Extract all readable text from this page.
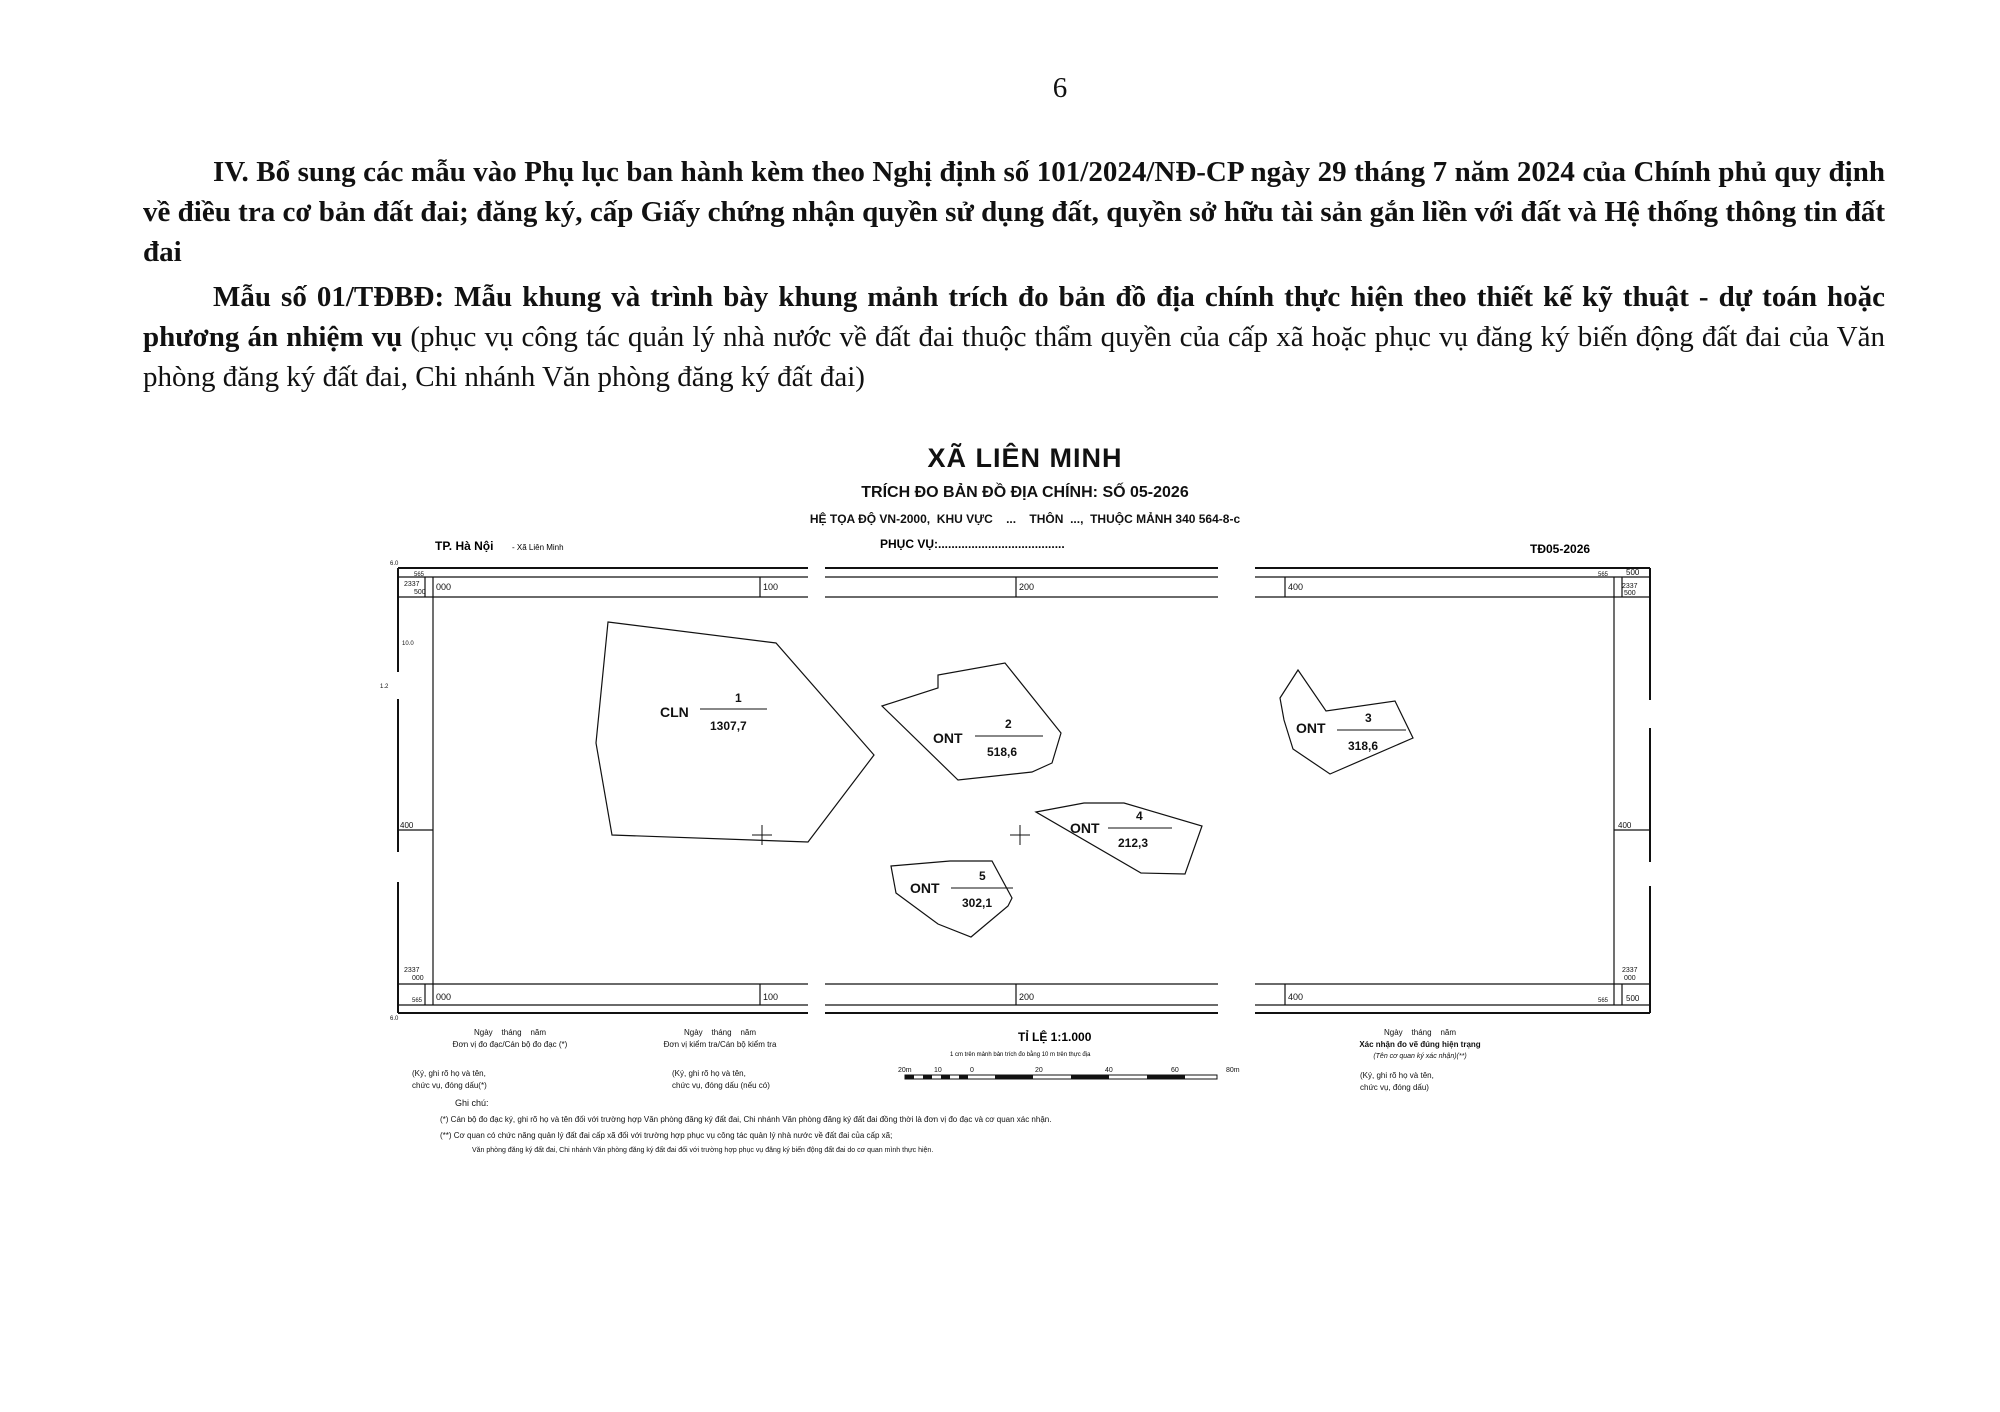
6
IV. Bổ sung các mẫu vào Phụ lục ban hành kèm theo Nghị định số 101/2024/NĐ-CP ngày 29 tháng 7 năm 2024 của Chính phủ quy định về điều tra cơ bản đất đai; đăng ký, cấp Giấy chứng nhận quyền sử dụng đất, quyền sở hữu tài sản gắn liền với đất và Hệ thống thông tin đất đai
Mẫu số 01/TĐBĐ: Mẫu khung và trình bày khung mảnh trích đo bản đồ địa chính thực hiện theo thiết kế kỹ thuật - dự toán hoặc phương án nhiệm vụ (phục vụ công tác quản lý nhà nước về đất đai thuộc thẩm quyền của cấp xã hoặc phục vụ đăng ký biến động đất đai của Văn phòng đăng ký đất đai, Chi nhánh Văn phòng đăng ký đất đai)
XÃ LIÊN MINH
TRÍCH ĐO BẢN ĐỒ ĐỊA CHÍNH: SỐ 05-2026
HỆ TỌA ĐỘ VN-2000,  KHU VỰC    ...    THÔN  ...,  THUỘC MẢNH 340 564-8-c
TP. Hà Nội - Xã Liên Minh	PHỤC VỤ:......................................	TĐ05-2026
000	100	200	400
000	100	200	400
565	565
565
565
500
500
2337
500
2337
500
2337
000
2337
000
400	400
6.0
6.0
10.0
1.2
CLN
1
1307,7
ONT
2
518,6
ONT
3
318,6
ONT
4
212,3
ONT
5
302,1
TỈ LỆ 1:1.000
1 cm trên mảnh bản trích đo bằng 10 m trên thực địa
20m	10	0	20	40	60	80m
Ngày    tháng    năm
Đơn vị đo đạc/Cán bộ đo đạc (*)
(Ký, ghi rõ họ và tên,
chức vụ, đóng dấu(*)
Ngày    tháng    năm
Đơn vị kiểm tra/Cán bộ kiểm tra
(Ký, ghi rõ họ và tên,
chức vụ, đóng dấu (nếu có)
Ngày    tháng    năm
Xác nhận đo vẽ đúng hiện trạng
(Tên cơ quan ký xác nhận)(**)
(Ký, ghi rõ họ và tên,
chức vụ, đóng dấu)
Ghi chú:
(*) Cán bộ đo đạc ký, ghi rõ họ và tên đối với trường hợp Văn phòng đăng ký đất đai, Chi nhánh Văn phòng đăng ký đất đai đồng thời là đơn vị đo đạc và cơ quan xác nhận.
(**) Cơ quan có chức năng quản lý đất đai cấp xã đối với trường hợp phục vụ công tác quản lý nhà nước về đất đai của cấp xã;
Văn phòng đăng ký đất đai, Chi nhánh Văn phòng đăng ký đất đai đối với trường hợp phục vụ đăng ký biến động đất đai do cơ quan mình thực hiện.
